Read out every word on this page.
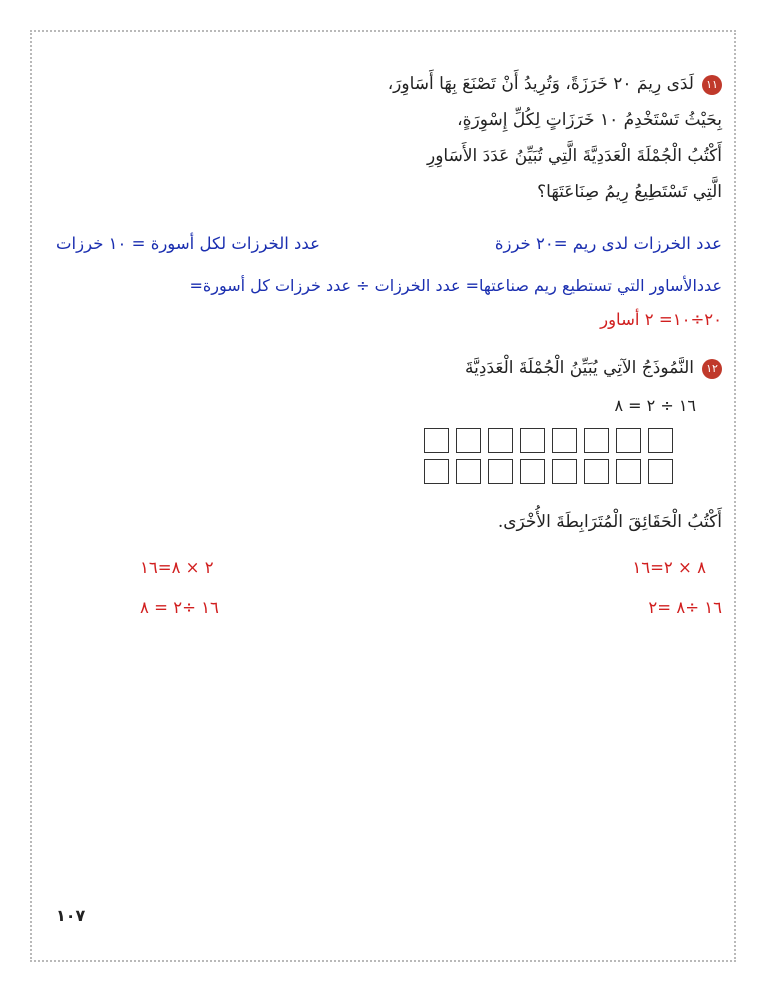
١١لَدَى رِيمَ ٢٠ خَرَزَةً، وَتُرِيدُ أَنْ تَصْنَعَ بِهَا أَسَاوِرَ،
بِحَيْثُ تَسْتَخْدِمُ ١٠ خَرَزَاتٍ لِكُلِّ إِسْوِرَةٍ،
أَكْتُبُ الْجُمْلَةَ الْعَدَدِيَّةَ الَّتِي تُبَيِّنُ عَدَدَ الأَسَاوِرِ
الَّتِي تَسْتَطِيعُ رِيمُ صِنَاعَتَهَا؟
عدد الخرزات لدى ريم =٢٠ خرزة
عدد الخرزات لكل أسورة = ١٠ خرزات
عددالأساور التي تستطيع ريم صناعتها= عدد الخرزات ÷ عدد خرزات كل أسورة=
٢٠÷١٠= ٢ أساور
١٢النَّمُوذَجُ الآتِي يُبَيِّنُ الْجُمْلَةَ الْعَدَدِيَّةَ
١٦ ÷ ٢ = ٨
أَكْتُبُ الْحَقَائِقَ الْمُتَرَابِطَةَ الأُخْرَى.
٨ × ٢=١٦
٢ × ٨=١٦
١٦ ÷٨ =٢
١٦ ÷٢ = ٨
١٠٧
